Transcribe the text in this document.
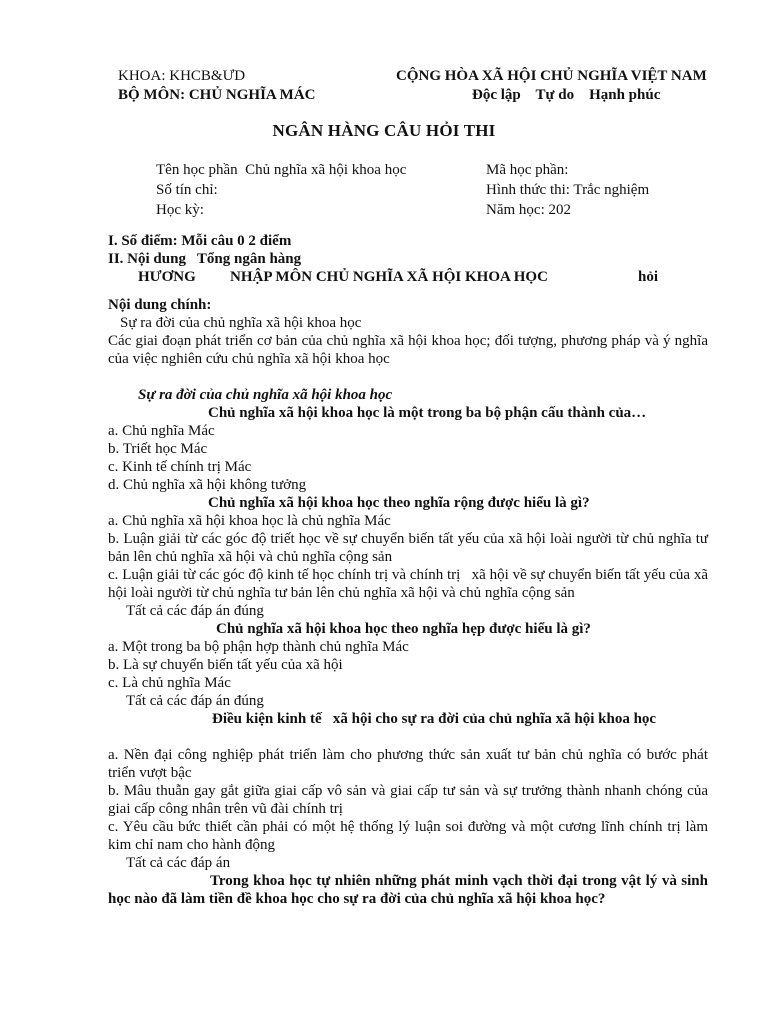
KHOA: KHCB&ƯD
BỘ MÔN: CHỦ NGHĨA MÁC
CỘNG HÒA XÃ HỘI CHỦ NGHĨA VIỆT NAM
Độc lập    Tự do    Hạnh phúc
NGÂN HÀNG CÂU HỎI THI
Tên học phần  Chủ nghĩa xã hội khoa học
Số tín chỉ:
Học kỳ:
Mã học phần:
Hình thức thi: Trắc nghiệm
Năm học: 202
I. Số điểm: Mỗi câu 0 2 điểm
II. Nội dung   Tổng ngân hàng
HƯƠNG	NHẬP MÔN CHỦ NGHĨA XÃ HỘI KHOA HỌC	hỏi
Nội dung chính:
Sự ra đời của chủ nghĩa xã hội khoa học
Các giai đoạn phát triển cơ bản của chủ nghĩa xã hội khoa học; đối tượng, phương pháp và ý nghĩa của việc nghiên cứu chủ nghĩa xã hội khoa học
Sự ra đời của chủ nghĩa xã hội khoa học
Chủ nghĩa xã hội khoa học là một trong ba bộ phận cấu thành của…
a. Chủ nghĩa Mác
b. Triết học Mác
c. Kinh tế chính trị Mác
d. Chủ nghĩa xã hội không tưởng
Chủ nghĩa xã hội khoa học theo nghĩa rộng được hiểu là gì?
a. Chủ nghĩa xã hội khoa học là chủ nghĩa Mác
b. Luận giải từ các góc độ triết học về sự chuyển biến tất yếu của xã hội loài người từ chủ nghĩa tư bản lên chủ nghĩa xã hội và chủ nghĩa cộng sản
c. Luận giải từ các góc độ kinh tế học chính trị và chính trị   xã hội về sự chuyển biến tất yếu của xã hội loài người từ chủ nghĩa tư bản lên chủ nghĩa xã hội và chủ nghĩa cộng sản
Tất cả các đáp án đúng
Chủ nghĩa xã hội khoa học theo nghĩa hẹp được hiểu là gì?
a. Một trong ba bộ phận hợp thành chủ nghĩa Mác
b. Là sự chuyển biến tất yếu của xã hội
c. Là chủ nghĩa Mác
Tất cả các đáp án đúng
Điều kiện kinh tế   xã hội cho sự ra đời của chủ nghĩa xã hội khoa học
a. Nền đại công nghiệp phát triển làm cho phương thức sản xuất tư bản chủ nghĩa có bước phát triển vượt bậc
b. Mâu thuẫn gay gắt giữa giai cấp vô sản và giai cấp tư sản và sự trưởng thành nhanh chóng của giai cấp công nhân trên vũ đài chính trị
c. Yêu cầu bức thiết cần phải có một hệ thống lý luận soi đường và một cương lĩnh chính trị làm kim chỉ nam cho hành động
Tất cả các đáp án
Trong khoa học tự nhiên những phát minh vạch thời đại trong vật lý và sinh học nào đã làm tiền đề khoa học cho sự ra đời của chủ nghĩa xã hội khoa học?
